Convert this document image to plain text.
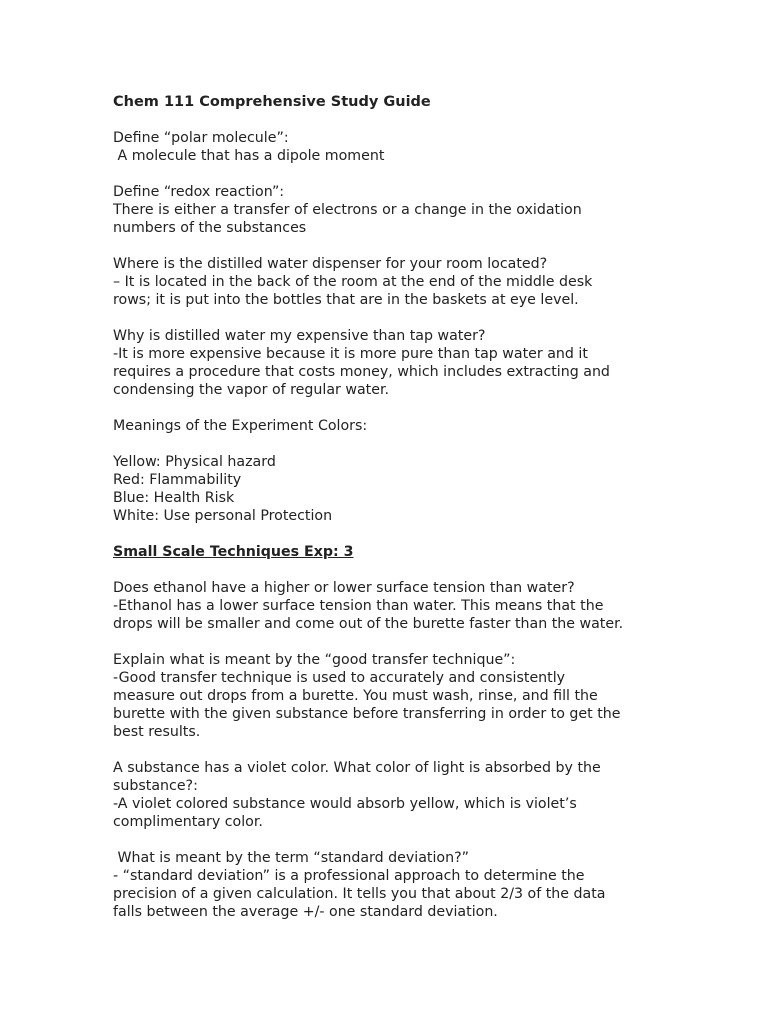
Chem 111 Comprehensive Study Guide
Define “polar molecule”:
A molecule that has a dipole moment
Define “redox reaction”:
There is either a transfer of electrons or a change in the oxidation
numbers of the substances
Where is the distilled water dispenser for your room located?
– It is located in the back of the room at the end of the middle desk
rows; it is put into the bottles that are in the baskets at eye level.
Why is distilled water my expensive than tap water?
-It is more expensive because it is more pure than tap water and it
requires a procedure that costs money, which includes extracting and
condensing the vapor of regular water.
Meanings of the Experiment Colors:
Yellow: Physical hazard
Red: Flammability
Blue: Health Risk
White: Use personal Protection
Small Scale Techniques Exp: 3
Does ethanol have a higher or lower surface tension than water?
-Ethanol has a lower surface tension than water. This means that the
drops will be smaller and come out of the burette faster than the water.
Explain what is meant by the “good transfer technique”:
-Good transfer technique is used to accurately and consistently
measure out drops from a burette. You must wash, rinse, and fill the
burette with the given substance before transferring in order to get the
best results.
A substance has a violet color. What color of light is absorbed by the
substance?:
-A violet colored substance would absorb yellow, which is violet’s
complimentary color.
What is meant by the term “standard deviation?”
- “standard deviation” is a professional approach to determine the
precision of a given calculation. It tells you that about 2/3 of the data
falls between the average +/- one standard deviation.
